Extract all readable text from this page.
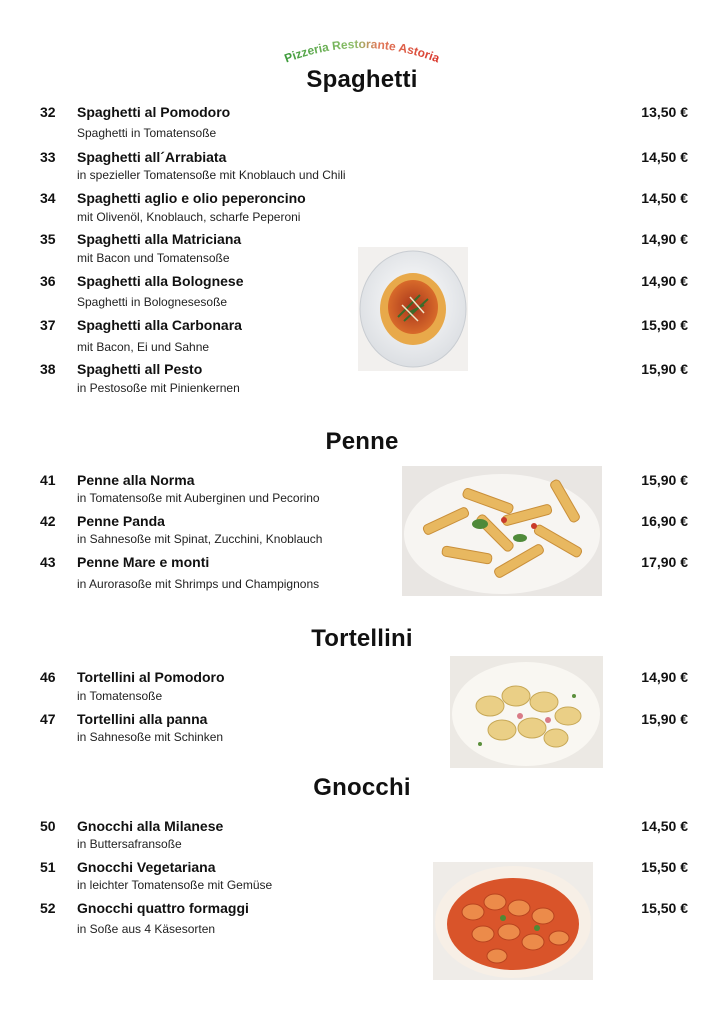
Pizzeria Restorante Astoria
Spaghetti
Penne
Tortellini
Gnocchi
32	Spaghetti al Pomodoro	13,50 €
Spaghetti in Tomatensoße
33	Spaghetti all´Arrabiata	14,50 €
in spezieller Tomatensoße mit Knoblauch und Chili
34	Spaghetti aglio e olio peperoncino	14,50 €
mit Olivenöl, Knoblauch, scharfe Peperoni
35	Spaghetti alla Matriciana	14,90 €
mit Bacon und Tomatensoße
36	Spaghetti alla Bolognese	14,90 €
Spaghetti in Bolognesesoße
37	Spaghetti alla Carbonara	15,90 €
mit Bacon, Ei und Sahne
38	Spaghetti all Pesto	15,90 €
in Pestosoße mit Pinienkernen
41	Penne alla Norma	15,90 €
in Tomatensoße mit Auberginen und Pecorino
42	Penne Panda	16,90 €
in Sahnesoße mit Spinat, Zucchini, Knoblauch
43	Penne Mare e monti	17,90 €
in Aurorasoße mit Shrimps und Champignons
46	Tortellini al Pomodoro	14,90 €
in Tomatensoße
47	Tortellini alla panna	15,90 €
in Sahnesoße mit Schinken
50	Gnocchi alla Milanese	14,50 €
in Buttersafransoße
51	Gnocchi Vegetariana	15,50 €
in leichter Tomatensoße mit Gemüse
52	Gnocchi quattro formaggi	15,50 €
in Soße aus 4 Käsesorten
